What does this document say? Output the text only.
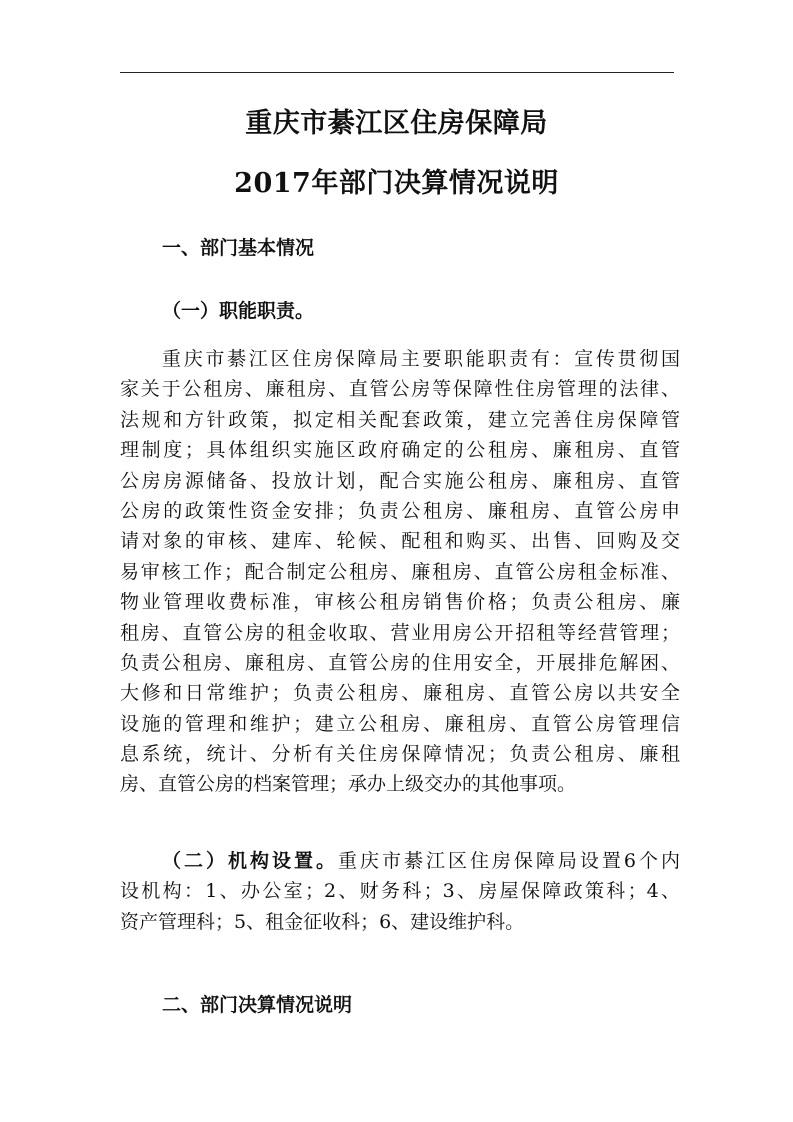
重庆市綦江区住房保障局
2017年部门决算情况说明
一、部门基本情况
（一）职能职责。
重庆市綦江区住房保障局主要职能职责有：宣传贯彻国
家关于公租房、廉租房、直管公房等保障性住房管理的法律、
法规和方针政策，拟定相关配套政策，建立完善住房保障管
理制度；具体组织实施区政府确定的公租房、廉租房、直管
公房房源储备、投放计划，配合实施公租房、廉租房、直管
公房的政策性资金安排；负责公租房、廉租房、直管公房申
请对象的审核、建库、轮候、配租和购买、出售、回购及交
易审核工作；配合制定公租房、廉租房、直管公房租金标准、
物业管理收费标准，审核公租房销售价格；负责公租房、廉
租房、直管公房的租金收取、营业用房公开招租等经营管理；
负责公租房、廉租房、直管公房的住用安全，开展排危解困、
大修和日常维护；负责公租房、廉租房、直管公房以共安全
设施的管理和维护；建立公租房、廉租房、直管公房管理信
息系统，统计、分析有关住房保障情况；负责公租房、廉租
房、直管公房的档案管理；承办上级交办的其他事项。
（二）机构设置。重庆市綦江区住房保障局设置6个内
设机构：1、办公室；2、财务科；3、房屋保障政策科；4、
资产管理科；5、租金征收科；6、建设维护科。
二、部门决算情况说明
